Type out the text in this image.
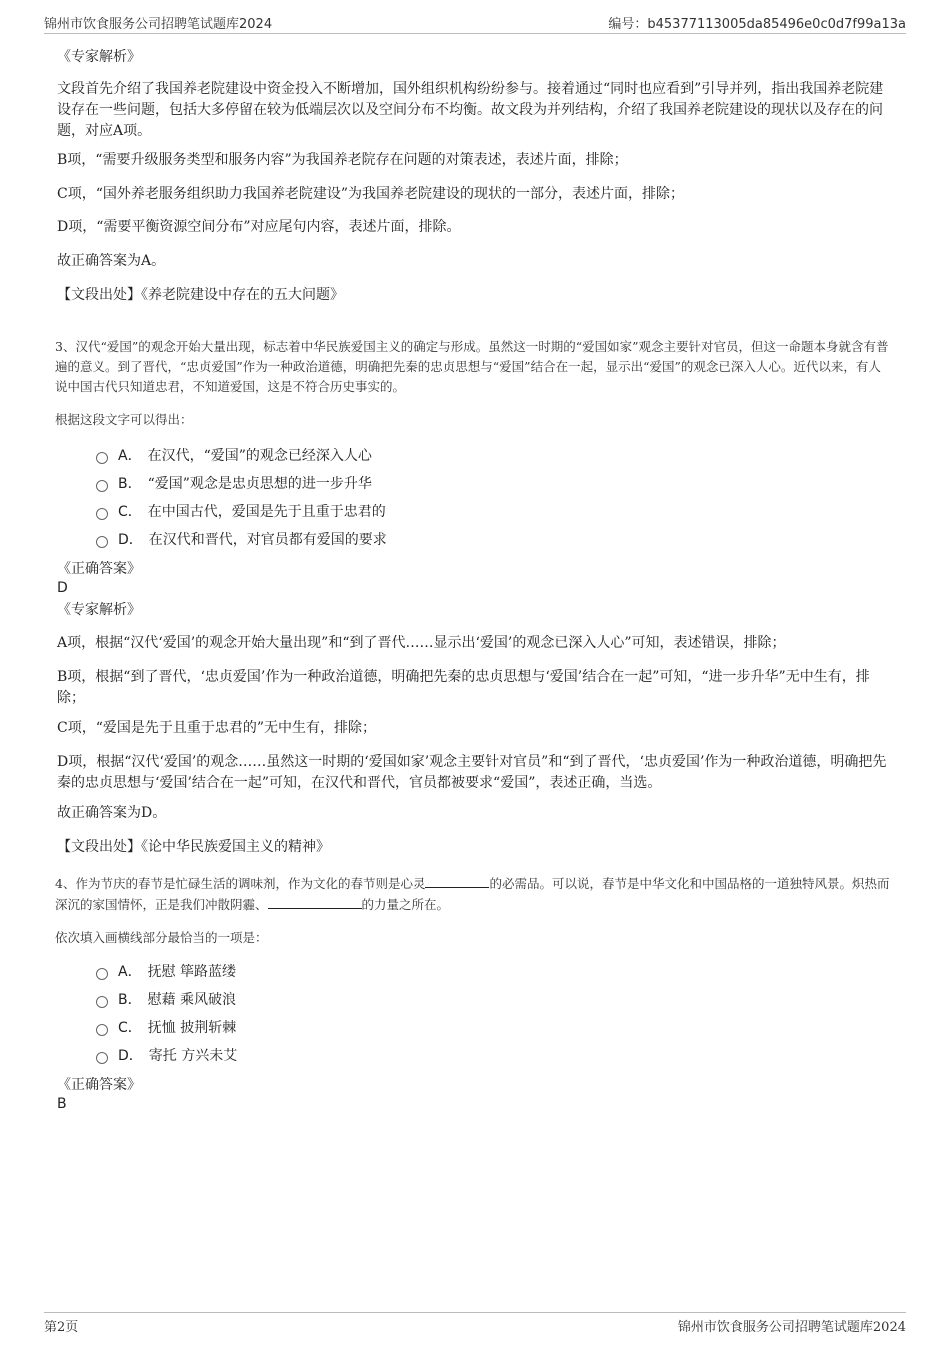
锦州市饮食服务公司招聘笔试题库2024	编号：b45377113005da85496e0c0d7f99a13a
《专家解析》

文段首先介绍了我国养老院建设中资金投入不断增加，国外组织机构纷纷参与。接着通过“同时也应看到”引导并列，指出我国养老院建设存在一些问题，包括大多停留在较为低端层次以及空间分布不均衡。故文段为并列结构，介绍了我国养老院建设的现状以及存在的问题，对应A项。

B项，“需要升级服务类型和服务内容”为我国养老院存在问题的对策表述，表述片面，排除；

C项，“国外养老服务组织助力我国养老院建设”为我国养老院建设的现状的一部分，表述片面，排除；

D项，“需要平衡资源空间分布”对应尾句内容，表述片面，排除。

故正确答案为A。

【文段出处】《养老院建设中存在的五大问题》

3、汉代“爱国”的观念开始大量出现，标志着中华民族爱国主义的确定与形成。虽然这一时期的“爱国如家”观念主要针对官员，但这一命题本身就含有普遍的意义。到了晋代，“忠贞爱国”作为一种政治道德，明确把先秦的忠贞思想与“爱国”结合在一起，显示出“爱国”的观念已深入人心。近代以来，有人说中国古代只知道忠君，不知道爱国，这是不符合历史事实的。

根据这段文字可以得出：

A． 在汉代，“爱国”的观念已经深入人心
B． “爱国”观念是忠贞思想的进一步升华
C． 在中国古代，爱国是先于且重于忠君的
D． 在汉代和晋代，对官员都有爱国的要求
《正确答案》
D
《专家解析》

A项，根据“汉代‘爱国’的观念开始大量出现”和“到了晋代……显示出‘爱国’的观念已深入人心”可知，表述错误，排除；

B项，根据“到了晋代，‘忠贞爱国’作为一种政治道德，明确把先秦的忠贞思想与‘爱国’结合在一起”可知，“进一步升华”无中生有，排除；

C项，“爱国是先于且重于忠君的”无中生有，排除；

D项，根据“汉代‘爱国’的观念……虽然这一时期的‘爱国如家’观念主要针对官员”和“到了晋代，‘忠贞爱国’作为一种政治道德，明确把先秦的忠贞思想与‘爱国’结合在一起”可知，在汉代和晋代，官员都被要求“爱国”，表述正确，当选。

故正确答案为D。

【文段出处】《论中华民族爱国主义的精神》

4、作为节庆的春节是忙碌生活的调味剂，作为文化的春节则是心灵	的必需品。可以说，春节是中华文化和中国品格的一道独特风景。炽热而深沉的家国情怀，正是我们冲散阴霾、	的力量之所在。

依次填入画横线部分最恰当的一项是：

A． 抚慰 筚路蓝缕
B． 慰藉 乘风破浪
C． 抚恤 披荆斩棘
D． 寄托 方兴未艾
《正确答案》
B
第2页	锦州市饮食服务公司招聘笔试题库2024
